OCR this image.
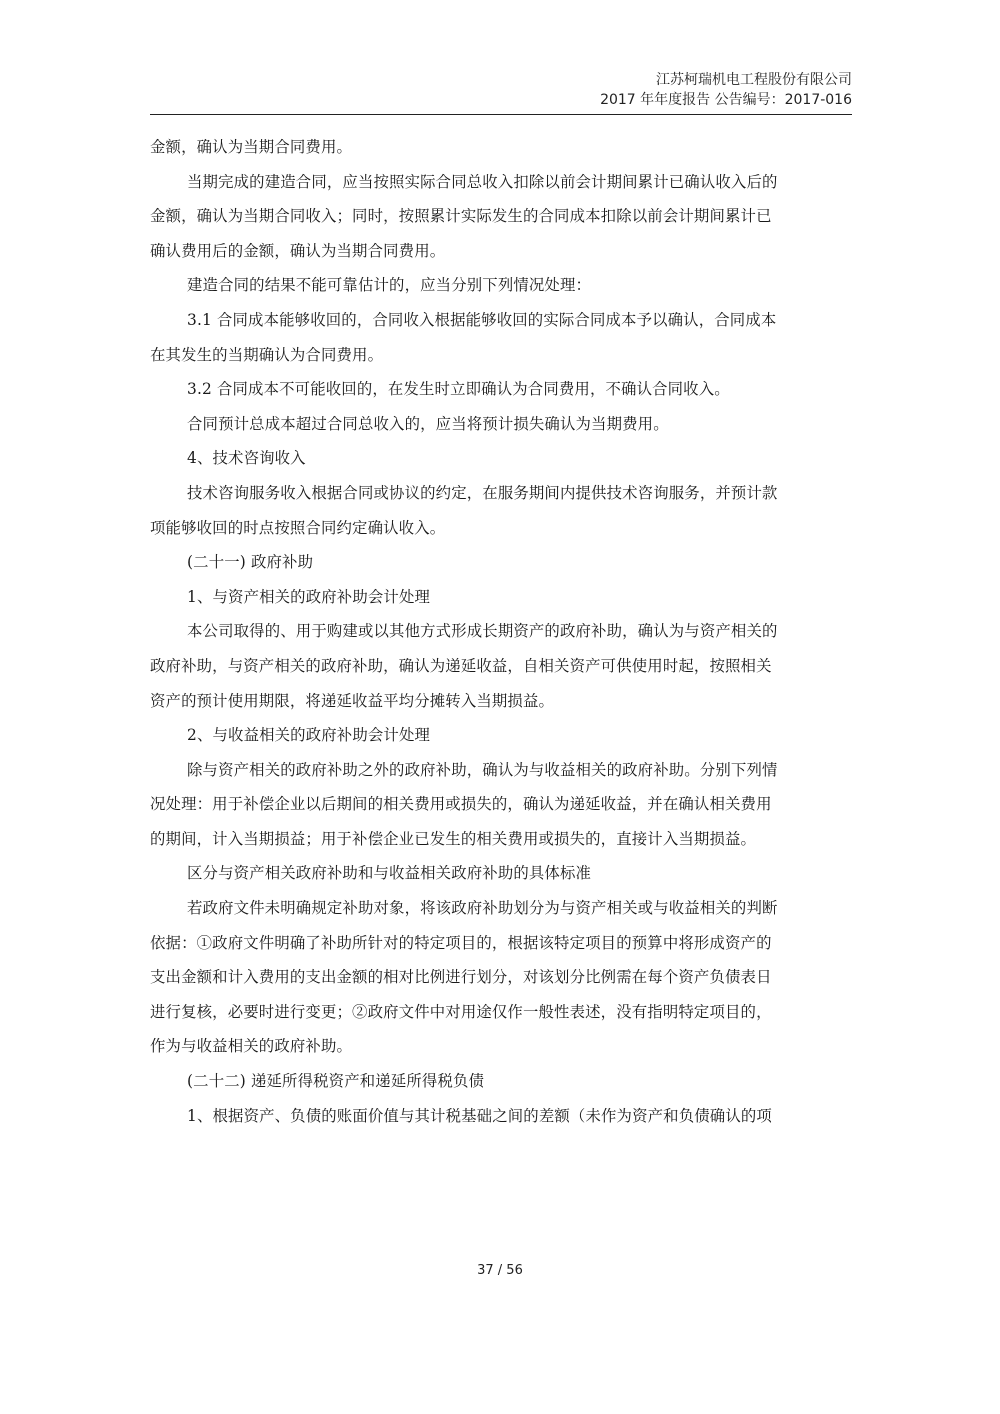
江苏柯瑞机电工程股份有限公司
2017 年年度报告 公告编号：2017-016
金额，确认为当期合同费用。
当期完成的建造合同，应当按照实际合同总收入扣除以前会计期间累计已确认收入后的
金额，确认为当期合同收入；同时，按照累计实际发生的合同成本扣除以前会计期间累计已
确认费用后的金额，确认为当期合同费用。
建造合同的结果不能可靠估计的，应当分别下列情况处理：
3.1 合同成本能够收回的，合同收入根据能够收回的实际合同成本予以确认，合同成本
在其发生的当期确认为合同费用。
3.2 合同成本不可能收回的，在发生时立即确认为合同费用，不确认合同收入。
合同预计总成本超过合同总收入的，应当将预计损失确认为当期费用。
4、技术咨询收入
技术咨询服务收入根据合同或协议的约定，在服务期间内提供技术咨询服务，并预计款
项能够收回的时点按照合同约定确认收入。
(二十一) 政府补助
1、与资产相关的政府补助会计处理
本公司取得的、用于购建或以其他方式形成长期资产的政府补助，确认为与资产相关的
政府补助，与资产相关的政府补助，确认为递延收益，自相关资产可供使用时起，按照相关
资产的预计使用期限，将递延收益平均分摊转入当期损益。
2、与收益相关的政府补助会计处理
除与资产相关的政府补助之外的政府补助，确认为与收益相关的政府补助。分别下列情
况处理：用于补偿企业以后期间的相关费用或损失的，确认为递延收益，并在确认相关费用
的期间，计入当期损益；用于补偿企业已发生的相关费用或损失的，直接计入当期损益。
区分与资产相关政府补助和与收益相关政府补助的具体标准
若政府文件未明确规定补助对象，将该政府补助划分为与资产相关或与收益相关的判断
依据：①政府文件明确了补助所针对的特定项目的，根据该特定项目的预算中将形成资产的
支出金额和计入费用的支出金额的相对比例进行划分，对该划分比例需在每个资产负债表日
进行复核，必要时进行变更；②政府文件中对用途仅作一般性表述，没有指明特定项目的，
作为与收益相关的政府补助。
(二十二) 递延所得税资产和递延所得税负债
1、根据资产、负债的账面价值与其计税基础之间的差额（未作为资产和负债确认的项
37 / 56
